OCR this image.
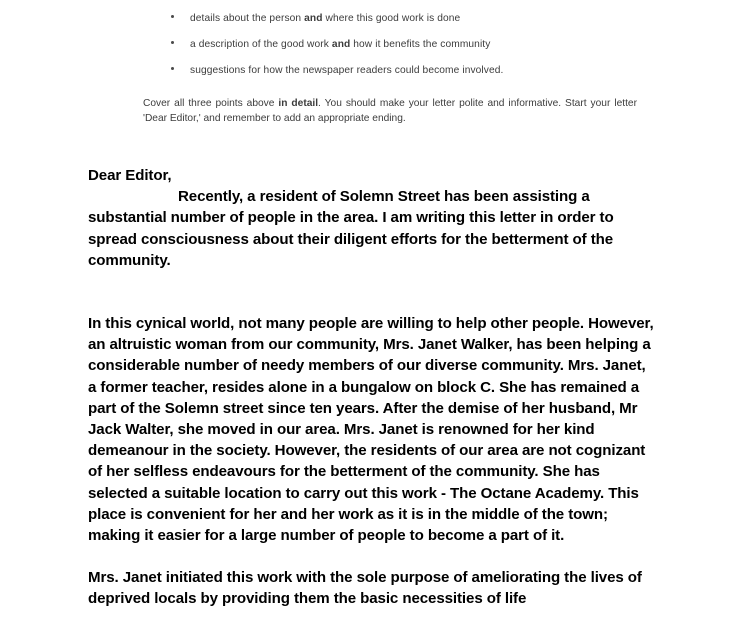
details about the person and where this good work is done
a description of the good work and how it benefits the community
suggestions for how the newspaper readers could become involved.

Cover all three points above in detail. You should make your letter polite and informative. Start your letter 'Dear Editor,' and remember to add an appropriate ending.

Dear Editor,

Recently, a resident of Solemn Street has been assisting a substantial number of people in the area. I am writing this letter in order to spread consciousness about their diligent efforts for the betterment of the community.

In this cynical world, not many people are willing to help other people. However, an altruistic woman from our community, Mrs. Janet Walker, has been helping a considerable number of needy members of our diverse community. Mrs. Janet, a former teacher, resides alone in a bungalow on block C. She has remained a part of the Solemn street since ten years. After the demise of her husband, Mr Jack Walter, she moved in our area. Mrs. Janet is renowned for her kind demeanour in the society. However, the residents of our area are not cognizant of her selfless endeavours for the betterment of the community. She has selected a suitable location to carry out this work - The Octane Academy. This place is convenient for her and her work as it is in the middle of the town; making it easier for a large number of people to become a part of it.

Mrs. Janet initiated this work with the sole purpose of ameliorating the lives of deprived locals by providing them the basic necessities of life
